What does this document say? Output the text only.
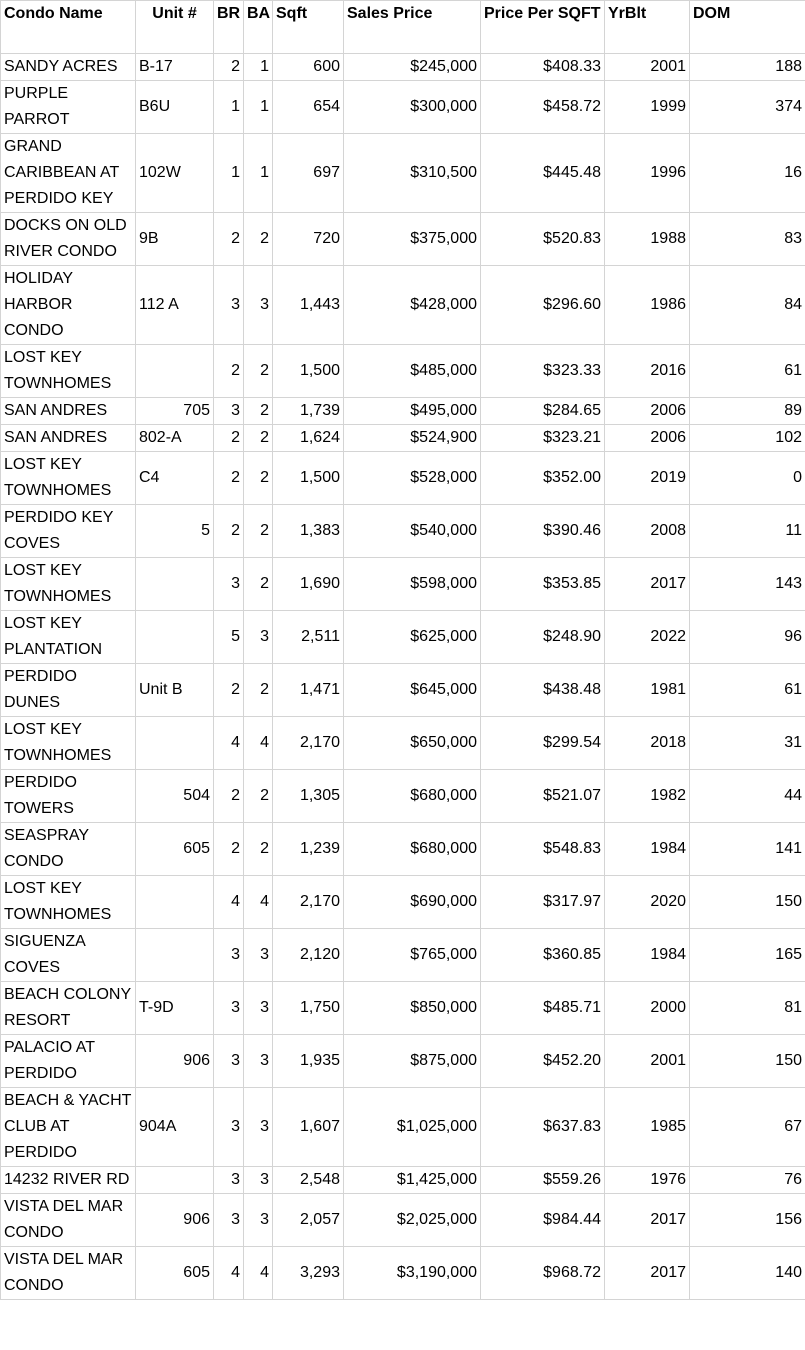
Condo Name	Unit #	BR	BA	Sqft	Sales Price	Price Per SQFT	YrBlt	DOM
SANDY ACRES	B-17	2	1	600	$245,000	$408.33	2001	188
PURPLE PARROT	B6U	1	1	654	$300,000	$458.72	1999	374
GRAND CARIBBEAN AT PERDIDO KEY	102W	1	1	697	$310,500	$445.48	1996	16
DOCKS ON OLD RIVER CONDO	9B	2	2	720	$375,000	$520.83	1988	83
HOLIDAY HARBOR CONDO	112 A	3	3	1,443	$428,000	$296.60	1986	84
LOST KEY TOWNHOMES		2	2	1,500	$485,000	$323.33	2016	61
SAN ANDRES	705	3	2	1,739	$495,000	$284.65	2006	89
SAN ANDRES	802-A	2	2	1,624	$524,900	$323.21	2006	102
LOST KEY TOWNHOMES	C4	2	2	1,500	$528,000	$352.00	2019	0
PERDIDO KEY COVES	5	2	2	1,383	$540,000	$390.46	2008	11
LOST KEY TOWNHOMES		3	2	1,690	$598,000	$353.85	2017	143
LOST KEY PLANTATION		5	3	2,511	$625,000	$248.90	2022	96
PERDIDO DUNES	Unit B	2	2	1,471	$645,000	$438.48	1981	61
LOST KEY TOWNHOMES		4	4	2,170	$650,000	$299.54	2018	31
PERDIDO TOWERS	504	2	2	1,305	$680,000	$521.07	1982	44
SEASPRAY CONDO	605	2	2	1,239	$680,000	$548.83	1984	141
LOST KEY TOWNHOMES		4	4	2,170	$690,000	$317.97	2020	150
SIGUENZA COVES		3	3	2,120	$765,000	$360.85	1984	165
BEACH COLONY RESORT	T-9D	3	3	1,750	$850,000	$485.71	2000	81
PALACIO AT PERDIDO	906	3	3	1,935	$875,000	$452.20	2001	150
BEACH & YACHT CLUB AT PERDIDO	904A	3	3	1,607	$1,025,000	$637.83	1985	67
14232 RIVER RD		3	3	2,548	$1,425,000	$559.26	1976	76
VISTA DEL MAR CONDO	906	3	3	2,057	$2,025,000	$984.44	2017	156
VISTA DEL MAR CONDO	605	4	4	3,293	$3,190,000	$968.72	2017	140
